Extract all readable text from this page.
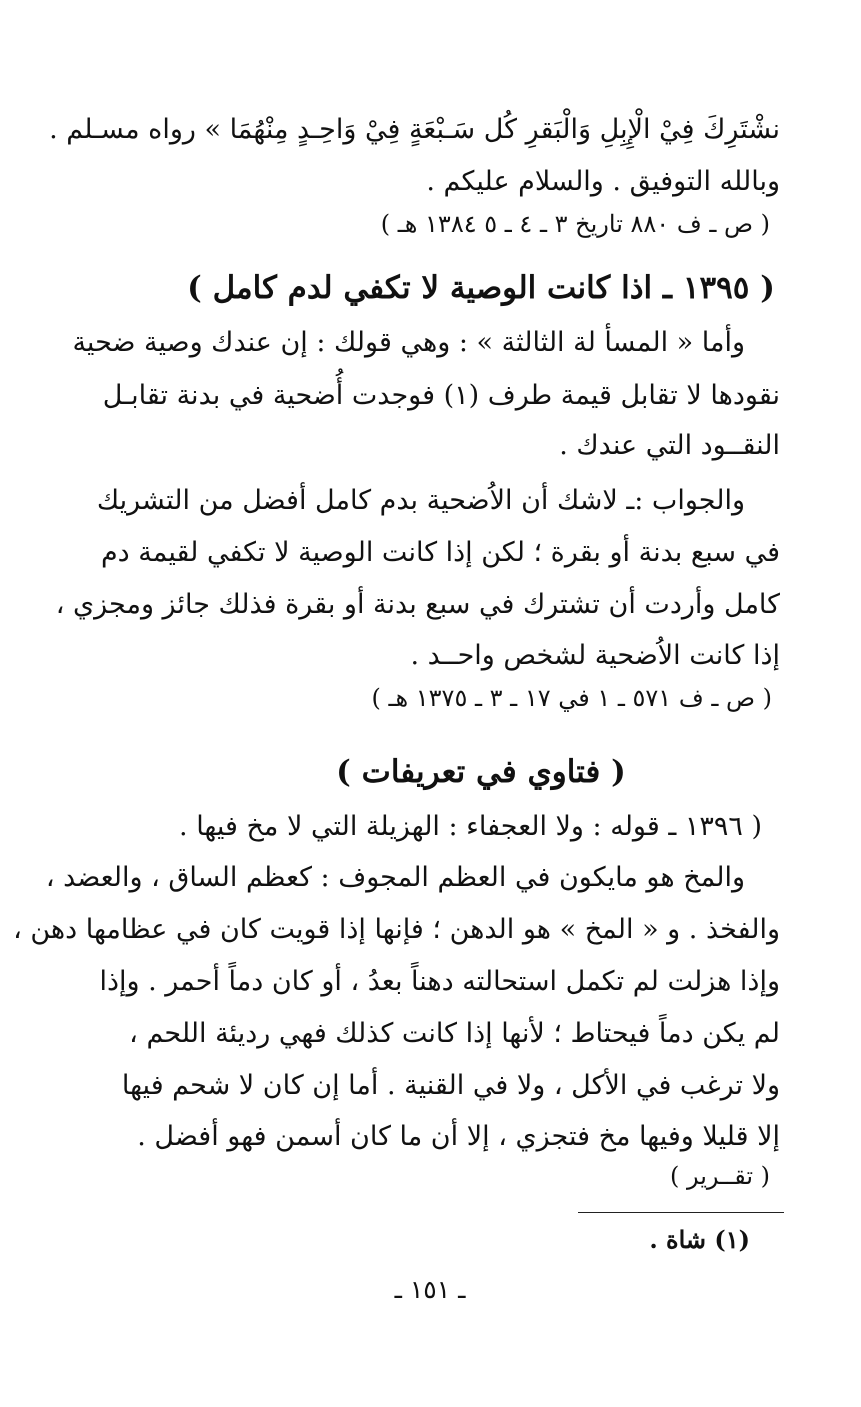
نشْتَرِكَ فِيْ الْإِبِلِ وَالْبَقرِ كُل سَـبْعَةٍ فِيْ وَاحِـدٍ مِنْهُمَا » رواه مسـلم .
وبالله التوفيق . والسلام عليكم .
( ص ـ ف ٨٨٠ تاريخ ٣ ـ ٤ ـ ٥ ١٣٨٤ هـ )
( ١٣٩٥ ـ اذا كانت الوصية لا تكفي لدم كامل )
وأما « المسأ لة الثالثة » : وهي قولك : إن عندك وصية ضحية
نقودها لا تقابل قيمة طرف (١) فوجدت أُضحية في بدنة تقابـل
النقــود التي عندك .
والجواب :ـ لاشك أن الاُضحية بدم كامل أفضل من التشريك
في سبع بدنة أو بقرة ؛ لكن إذا كانت الوصية لا تكفي لقيمة دم
كامل وأردت أن تشترك في سبع بدنة أو بقرة فذلك جائز ومجزي ،
إذا كانت الاُضحية لشخص واحــد .
( ص ـ ف ٥٧١ ـ ١ في ١٧ ـ ٣ ـ ١٣٧٥ هـ )
( فتاوي في تعريفات )
( ١٣٩٦ ـ قوله : ولا العجفاء : الهزيلة التي لا مخ فيها .
والمخ هو مايكون في العظم المجوف : كعظم الساق ، والعضد ،
والفخذ . و « المخ » هو الدهن ؛ فإنها إذا قويت كان في عظامها دهن ،
وإذا هزلت لم تكمل استحالته دهناً بعدُ ، أو كان دماً أحمر . وإذا
لم يكن دماً فيحتاط ؛ لأنها إذا كانت كذلك فهي رديئة اللحم ،
ولا ترغب في الأكل ، ولا في القنية . أما إن كان لا شحم فيها
إلا قليلا وفيها مخ فتجزي ، إلا أن ما كان أسمن فهو أفضل .
( تقــرير )
(١) شاة .
ـ ١٥١ ـ
